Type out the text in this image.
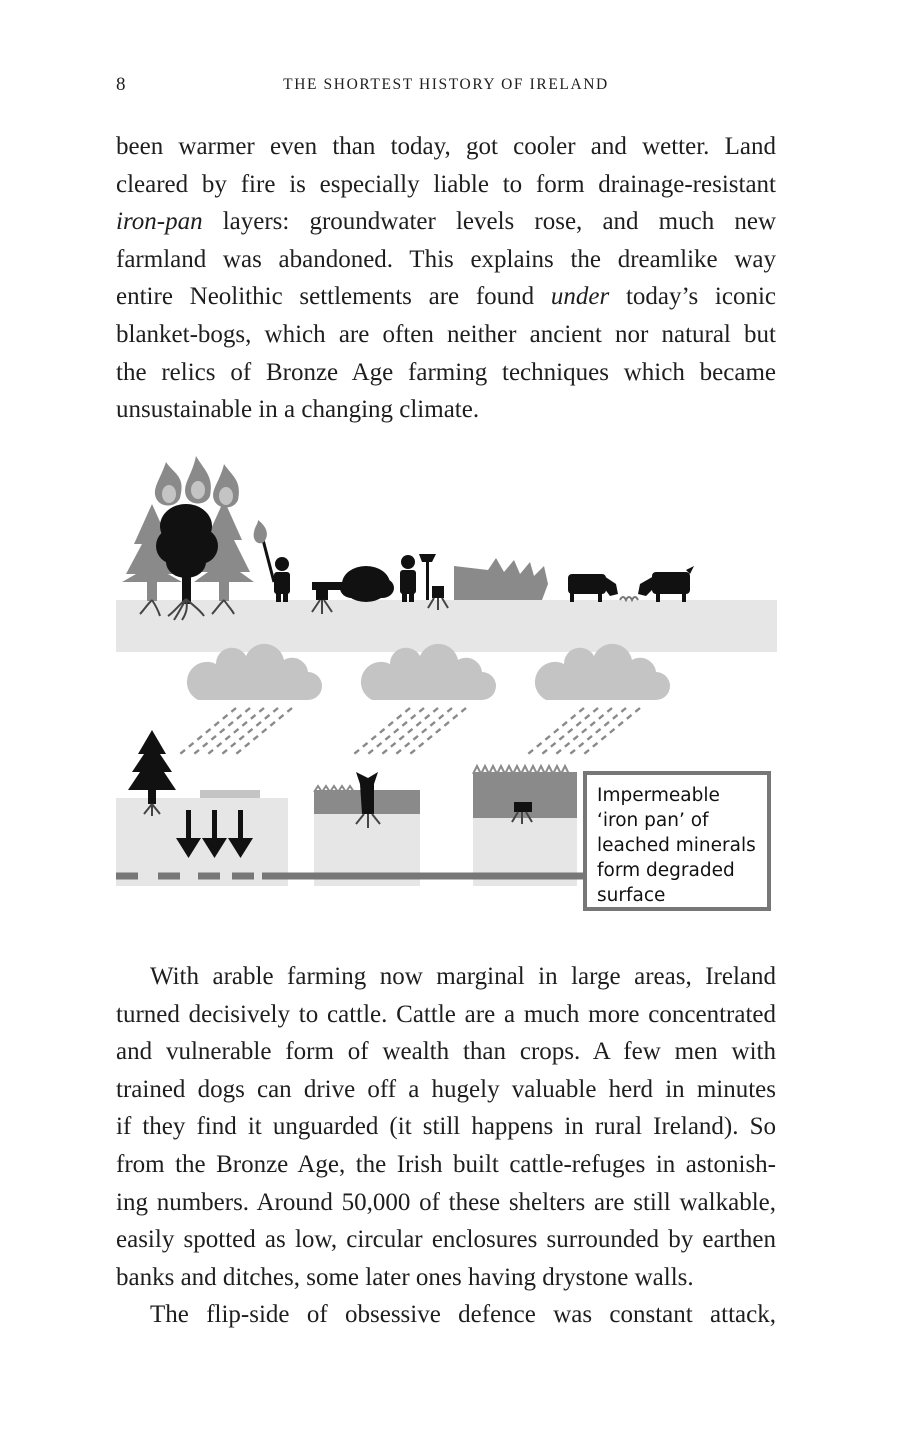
8	THE SHORTEST HISTORY OF IRELAND
been warmer even than today, got cooler and wetter. Land
cleared by fire is especially liable to form drainage-resistant
iron-pan layers: groundwater levels rose, and much new
farmland was abandoned. This explains the dreamlike way
entire Neolithic settlements are found under today’s iconic
blanket-bogs, which are often neither ancient nor natural but
the relics of Bronze Age farming techniques which became
unsustainable in a changing climate.
Impermeable
‘iron pan’ of
leached minerals
form degraded
surface
With arable farming now marginal in large areas, Ireland
turned decisively to cattle. Cattle are a much more concentrated
and vulnerable form of wealth than crops. A few men with
trained dogs can drive off a hugely valuable herd in minutes
if they find it unguarded (it still happens in rural Ireland). So
from the Bronze Age, the Irish built cattle-refuges in astonish-
ing numbers. Around 50,000 of these shelters are still walkable,
easily spotted as low, circular enclosures surrounded by earthen
banks and ditches, some later ones having drystone walls.
The flip-side of obsessive defence was constant attack,
